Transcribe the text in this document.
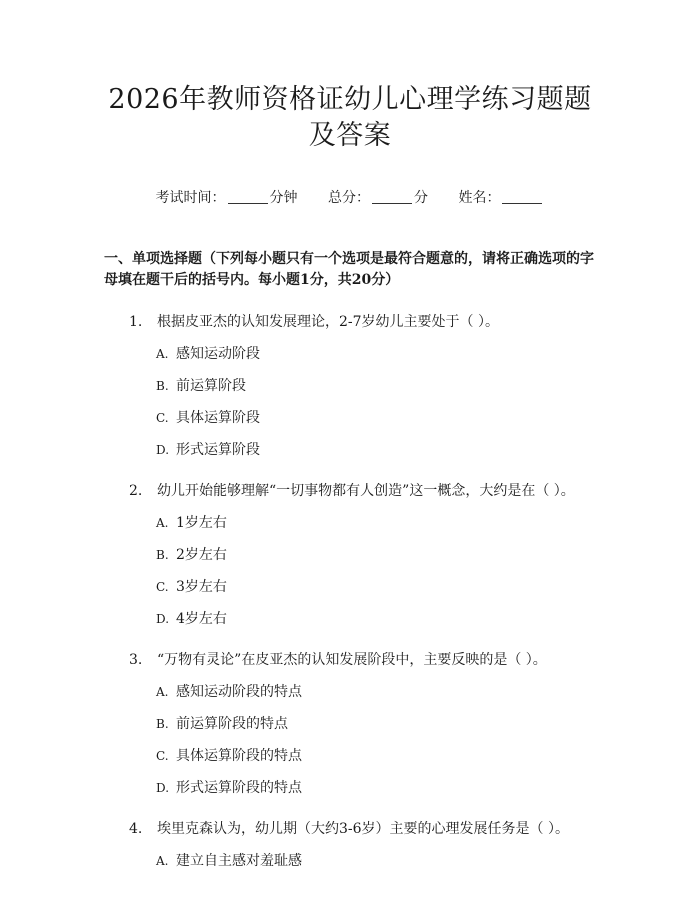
2026年教师资格证幼儿心理学练习题题及答案
考试时间：	分钟 总分：	分 姓名：
一、单项选择题（下列每小题只有一个选项是最符合题意的，请将正确选项的字母填在题干后的括号内。每小题1分，共20分）
1.	根据皮亚杰的认知发展理论，2-7岁幼儿主要处于（ ）。
A. 感知运动阶段
B. 前运算阶段
C. 具体运算阶段
D. 形式运算阶段
2.	幼儿开始能够理解“一切事物都有人创造”这一概念，大约是在（ ）。
A. 1岁左右
B. 2岁左右
C. 3岁左右
D. 4岁左右
3.	“万物有灵论”在皮亚杰的认知发展阶段中，主要反映的是（ ）。
A. 感知运动阶段的特点
B. 前运算阶段的特点
C. 具体运算阶段的特点
D. 形式运算阶段的特点
4.	埃里克森认为，幼儿期（大约3-6岁）主要的心理发展任务是（ ）。
A. 建立自主感对羞耻感
